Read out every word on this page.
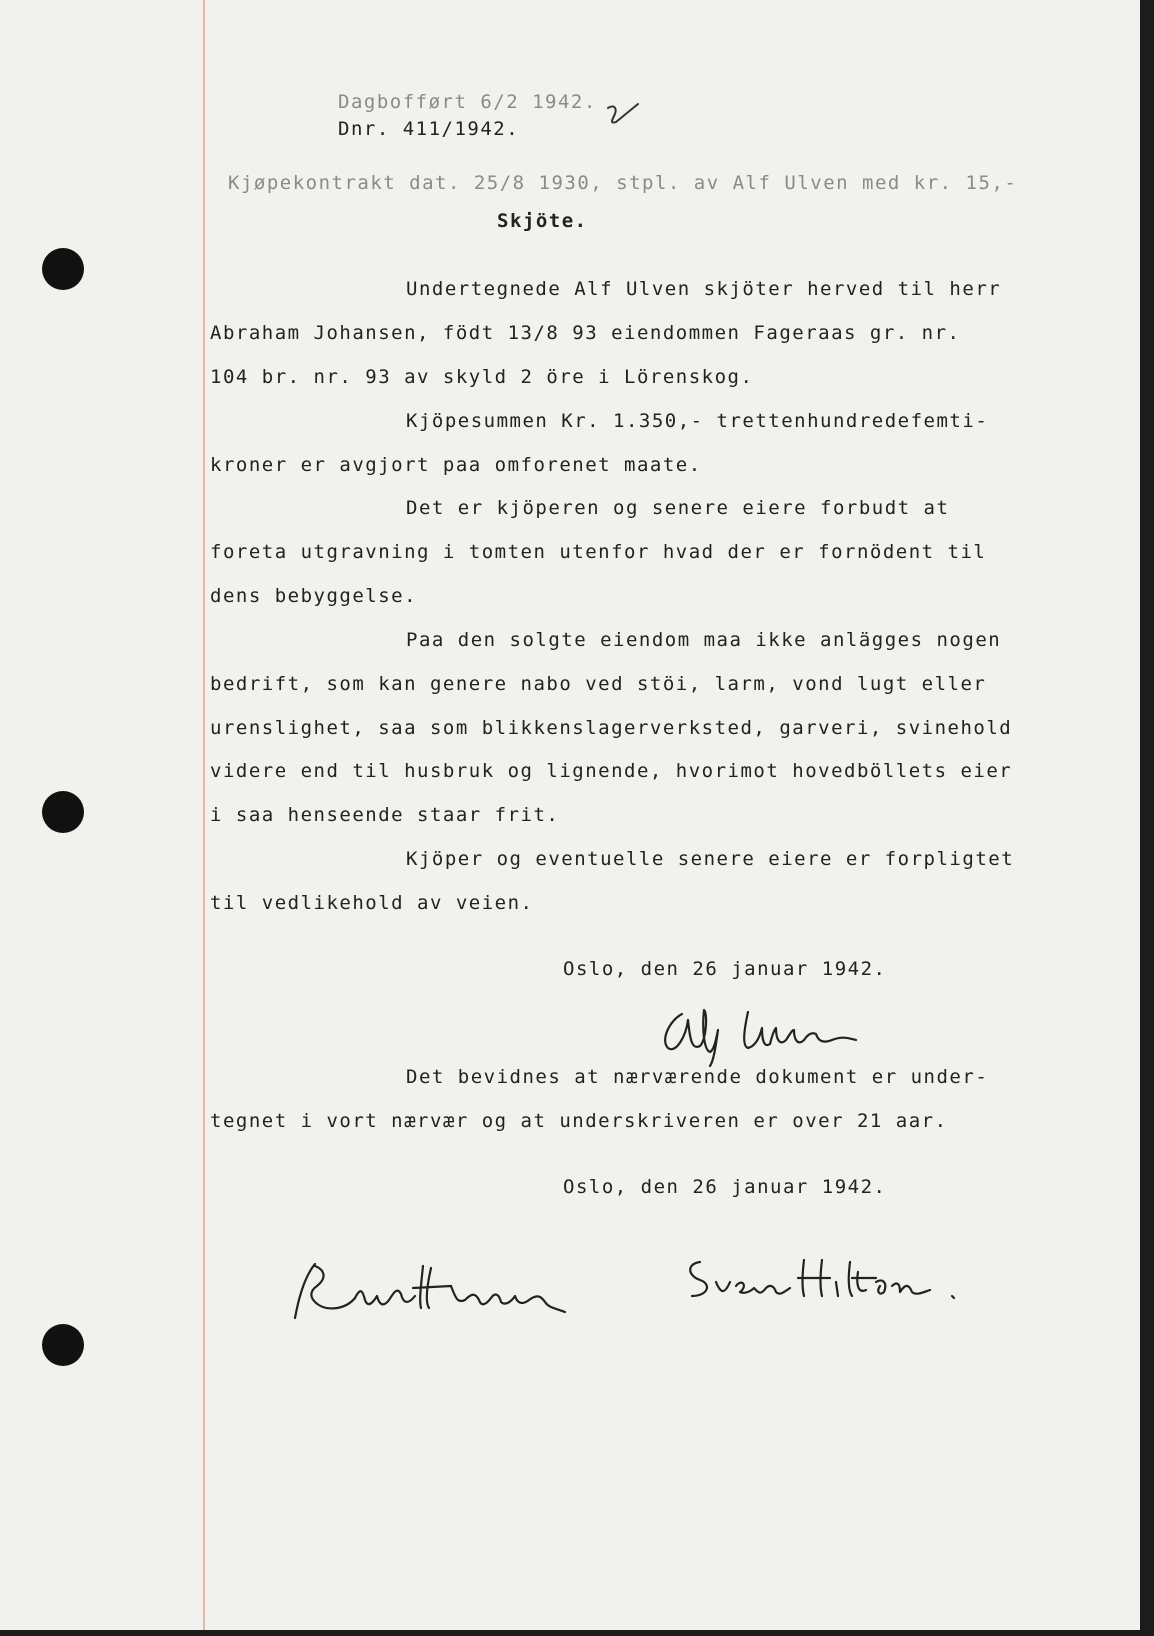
Dagbofført 6/2 1942.
Dnr. 411/1942.
Kjøpekontrakt dat. 25/8 1930, stpl. av Alf Ulven med kr. 15,-
Skjöte.
Undertegnede Alf Ulven skjöter herved til herr
Abraham Johansen, födt 13/8 93 eiendommen Fageraas gr. nr.
104 br. nr. 93 av skyld 2 öre i Lörenskog.
Kjöpesummen Kr. 1.350,- trettenhundredefemti-
kroner er avgjort paa omforenet maate.
Det er kjöperen og senere eiere forbudt at
foreta utgravning i tomten utenfor hvad der er fornödent til
dens bebyggelse.
Paa den solgte eiendom maa ikke anlägges nogen
bedrift, som kan genere nabo ved stöi, larm, vond lugt eller
urenslighet, saa som blikkenslagerverksted, garveri, svinehold
videre end til husbruk og lignende, hvorimot hovedböllets eier
i saa henseende staar frit.
Kjöper og eventuelle senere eiere er forpligtet
til vedlikehold av veien.
Oslo, den 26 januar 1942.
Det bevidnes at nærværende dokument er under-
tegnet i vort nærvær og at underskriveren er over 21 aar.
Oslo, den 26 januar 1942.
